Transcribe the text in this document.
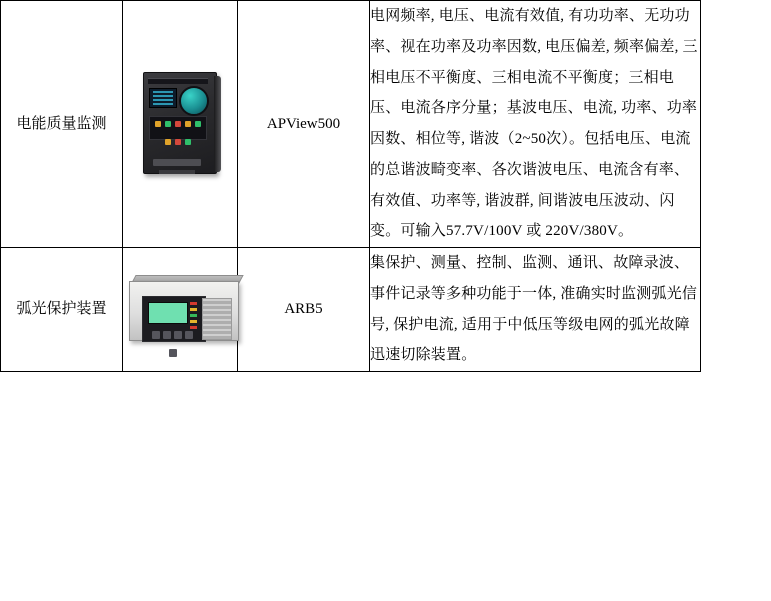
电能质量监测		APView500	电网频率, 电压、电流有效值, 有功功率、无功功率、视在功率及功率因数, 电压偏差, 频率偏差, 三相电压不平衡度、三相电流不平衡度；三相电压、电流各序分量；基波电压、电流, 功率、功率因数、相位等, 谐波（2~50次）。包括电压、电流的总谐波畸变率、各次谐波电压、电流含有率、有效值、功率等, 谐波群, 间谐波电压波动、闪变。可输入57.7V/100V 或 220V/380V。
弧光保护装置		ARB5	集保护、测量、控制、监测、通讯、故障录波、事件记录等多种功能于一体, 准确实时监测弧光信号, 保护电流, 适用于中低压等级电网的弧光故障迅速切除装置。
